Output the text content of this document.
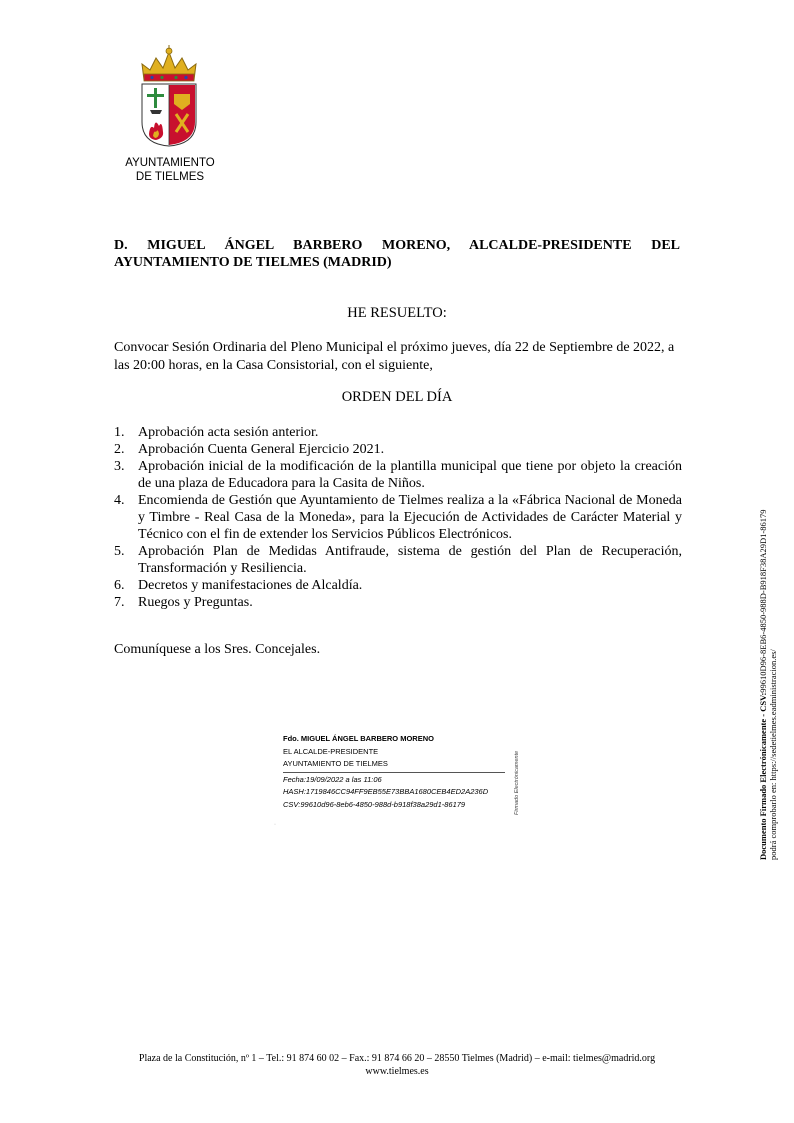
AYUNTAMIENTO
DE TIELMES
D. MIGUEL ÁNGEL BARBERO MORENO, ALCALDE-PRESIDENTE DEL
AYUNTAMIENTO DE TIELMES (MADRID)
HE RESUELTO:
Convocar Sesión Ordinaria del Pleno Municipal el próximo jueves, día 22 de Septiembre de 2022, a las 20:00 horas, en la Casa Consistorial, con el siguiente,
ORDEN DEL DÍA
1. Aprobación acta sesión anterior.
2. Aprobación Cuenta General Ejercicio 2021.
3. Aprobación inicial de la modificación de la plantilla municipal que tiene por objeto la creación de una plaza de Educadora para la Casita de Niños.
4. Encomienda de Gestión que Ayuntamiento de Tielmes realiza a la «Fábrica Nacional de Moneda y Timbre - Real Casa de la Moneda», para la Ejecución de Actividades de Carácter Material y Técnico con el fin de extender los Servicios Públicos Electrónicos.
5. Aprobación Plan de Medidas Antifraude, sistema de gestión del Plan de Recuperación, Transformación y Resiliencia.
6. Decretos y manifestaciones de Alcaldía.
7. Ruegos y Preguntas.
Comuníquese a los Sres. Concejales.
Fdo. MIGUEL ÁNGEL BARBERO MORENO
EL ALCALDE-PRESIDENTE
AYUNTAMIENTO DE TIELMES
Fecha:19/09/2022 a las 11:06
HASH:1719846CC94FF9EB55E73BBA1680CEB4ED2A236D
CSV:99610d96-8eb6-4850-988d-b918f38a29d1-86179	Firmado Electrónicamente
·	Documento Firmado Electrónicamente - CSV:99610D96-8EB6-4850-988D-B918F38A29D1-86179
podrá comprobarlo en: https://sedetielmes.eadministracion.es/
Plaza de la Constitución, nº 1 – Tel.: 91 874 60 02 – Fax.: 91 874 66 20 – 28550 Tielmes (Madrid) – e-mail: tielmes@madrid.org
www.tielmes.es
